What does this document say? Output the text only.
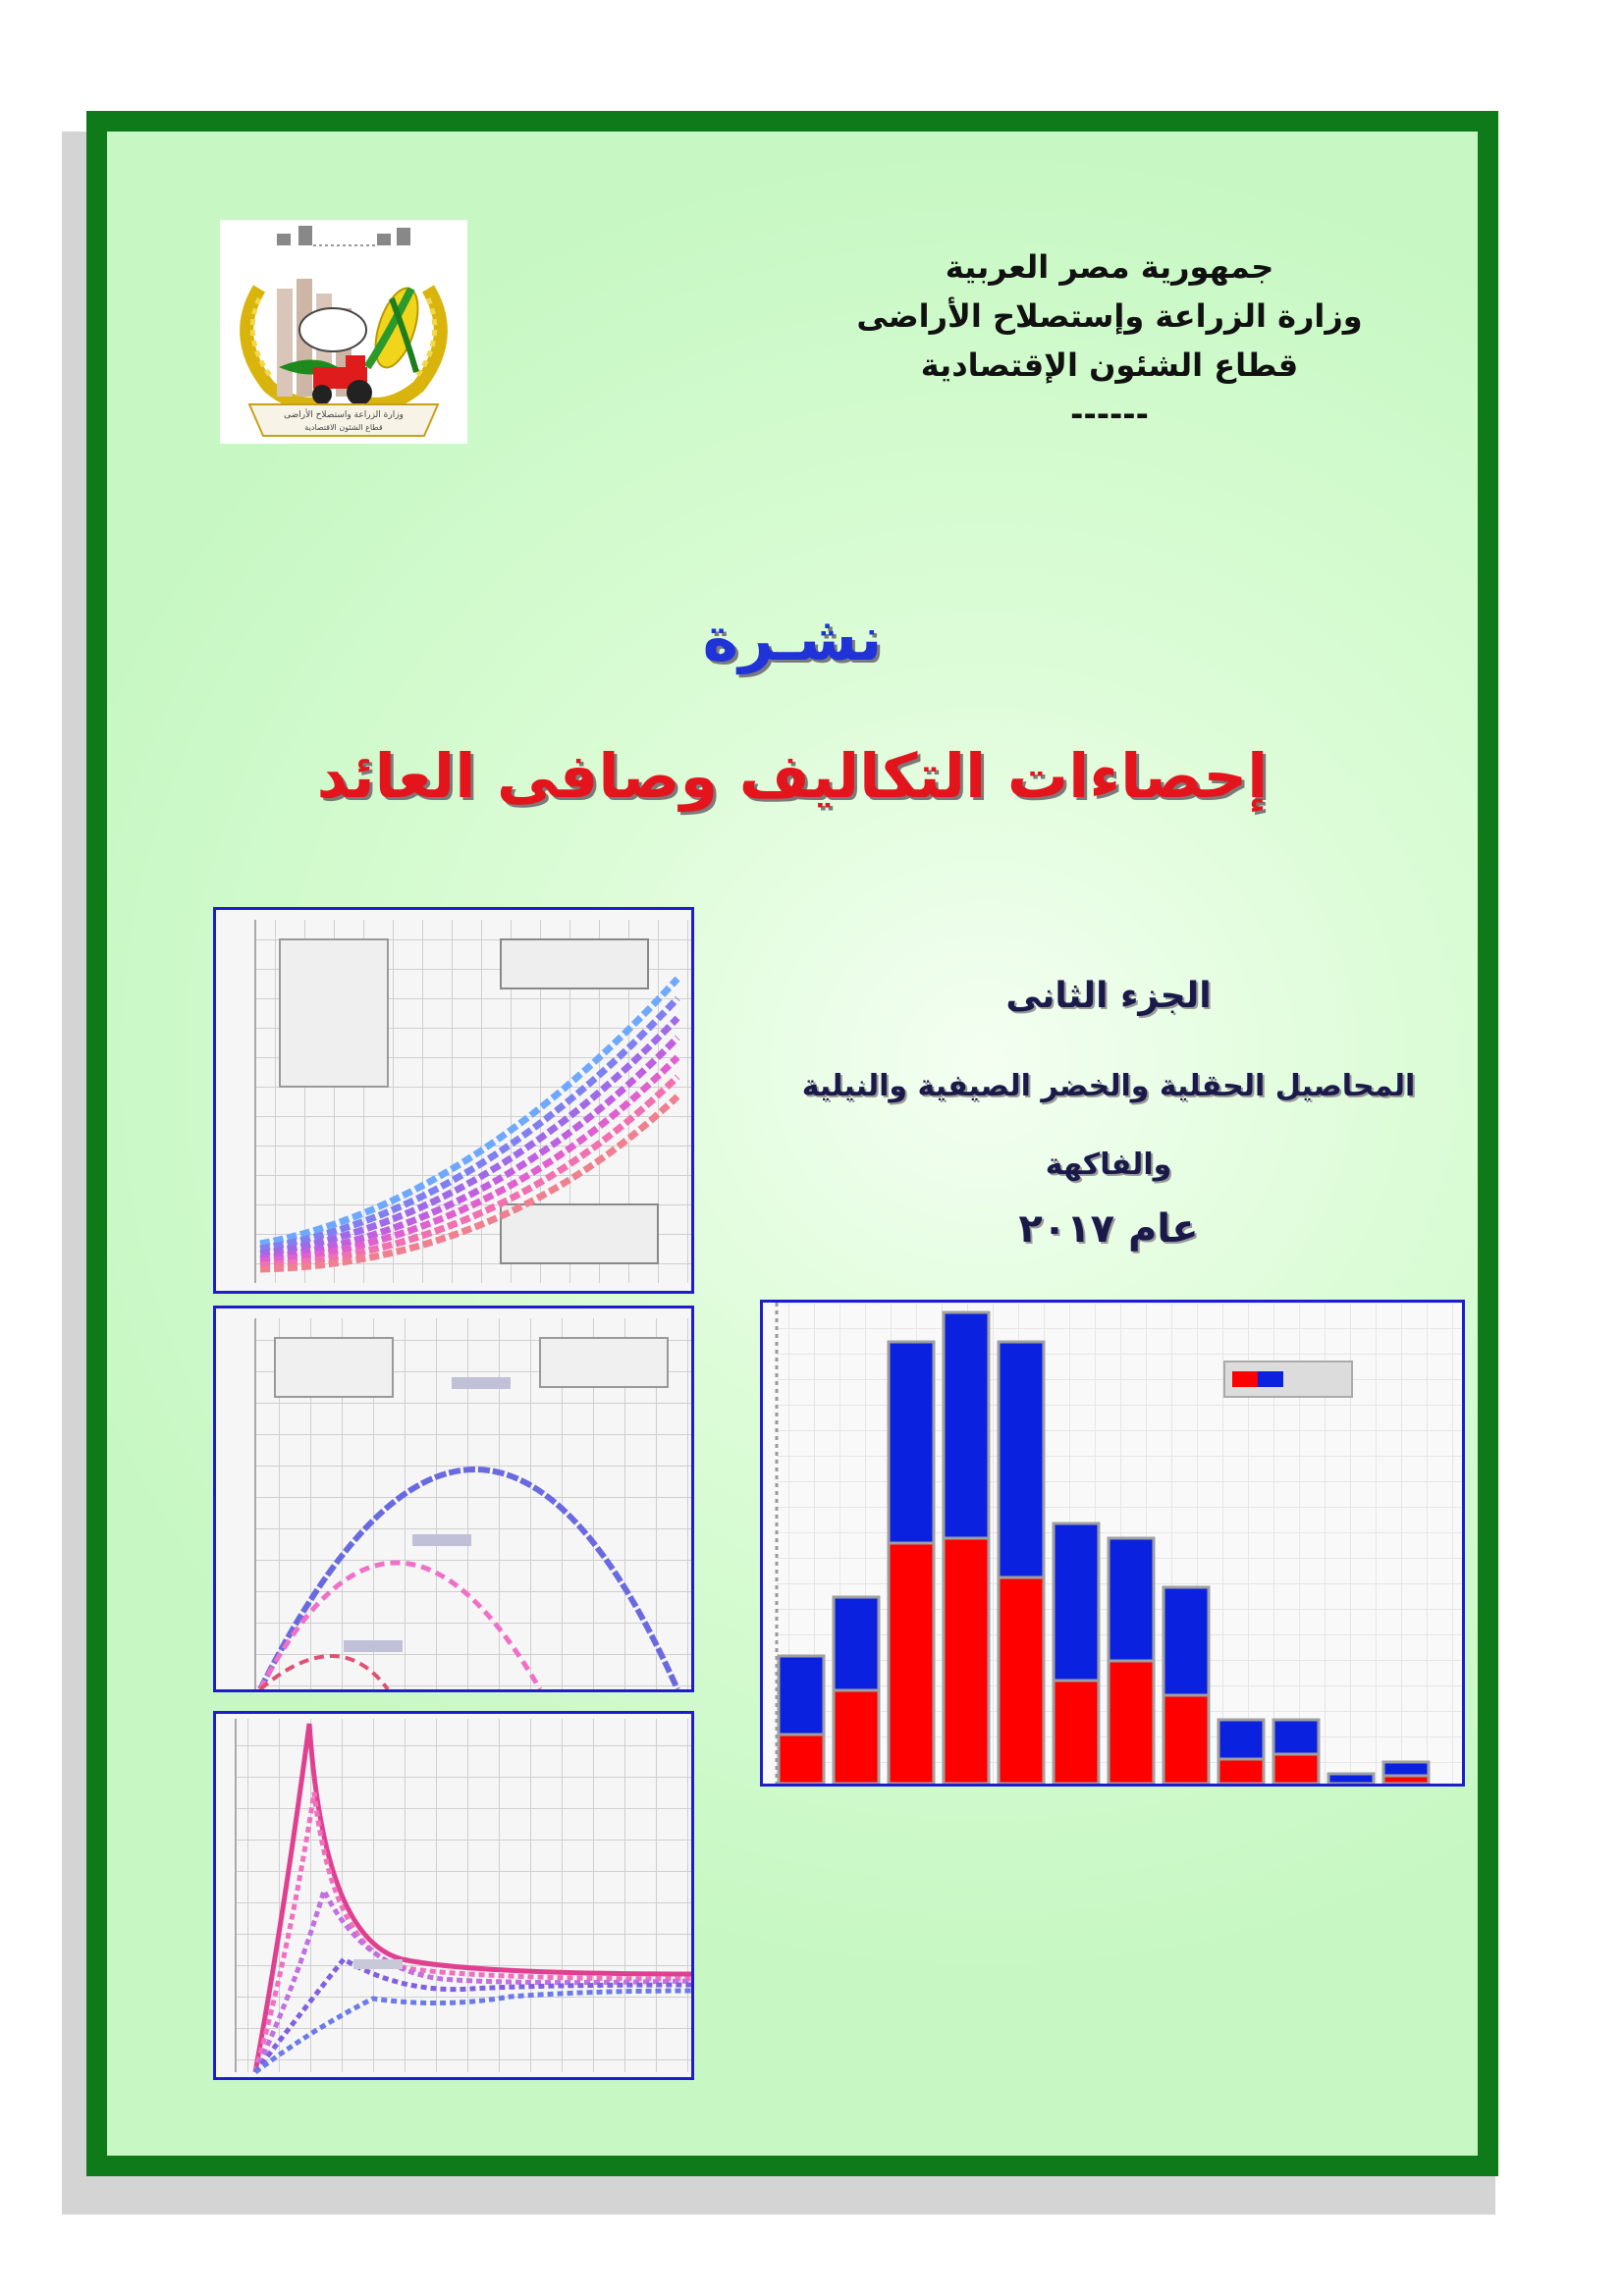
جمهورية مصر العربية
وزارة الزراعة وإستصلاح الأراضى
قطاع الشئون الإقتصادية
------
وزارة الزراعة واستصلاح الأراضى
قطاع الشئون الاقتصادية
نشـرة
إحصاءات التكاليف وصافى العائد
الجزء الثانى
المحاصيل الحقلية والخضر الصيفية والنيلية
والفاكهة
عام ٢٠١٧
